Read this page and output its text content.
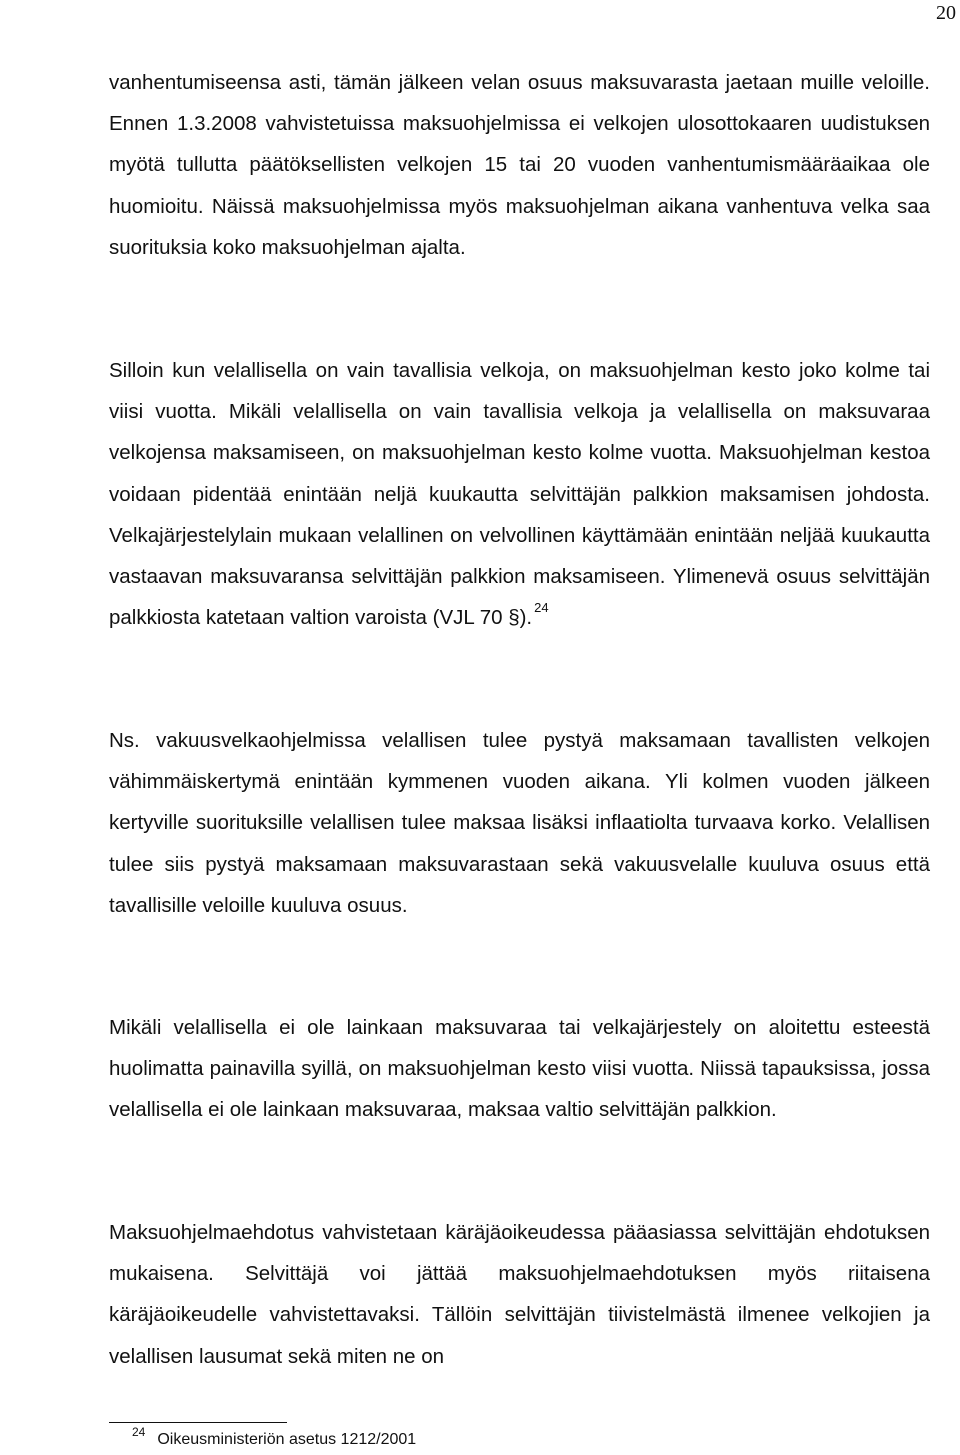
20

vanhentumiseensa asti, tämän jälkeen velan osuus maksuvarasta jaetaan muille veloille. Ennen 1.3.2008 vahvistetuissa maksuohjelmissa ei velkojen ulosottokaaren uudistuksen myötä tullutta päätöksellisten velkojen 15 tai 20 vuoden vanhentumismääräaikaa ole huomioitu. Näissä maksuohjelmissa myös maksuohjelman aikana vanhentuva velka saa suorituksia koko maksuohjelman ajalta.

Silloin kun velallisella on vain tavallisia velkoja, on maksuohjelman kesto joko kolme tai viisi vuotta. Mikäli velallisella on vain tavallisia velkoja ja velallisella on maksuvaraa velkojensa maksamiseen, on maksuohjelman kesto kolme vuotta. Maksuohjelman kestoa voidaan pidentää enintään neljä kuukautta selvittäjän palkkion maksamisen johdosta. Velkajärjestelylain mukaan velallinen on velvollinen käyttämään enintään neljää kuukautta vastaavan maksuvaransa selvittäjän palkkion maksamiseen. Ylimenevä osuus selvittäjän palkkiosta katetaan valtion varoista (VJL 70 §). $^{24}$

Ns. vakuusvelkaohjelmissa velallisen tulee pystyä maksamaan tavallisten velkojen vähimmäiskertymä enintään kymmenen vuoden aikana. Yli kolmen vuoden jälkeen kertyville suorituksille velallisen tulee maksaa lisäksi inflaatiolta turvaava korko. Velallisen tulee siis pystyä maksamaan maksuvarastaan sekä vakuusvelalle kuuluva osuus että tavallisille veloille kuuluva osuus.

Mikäli velallisella ei ole lainkaan maksuvaraa tai velkajärjestely on aloitettu esteestä huolimatta painavilla syillä, on maksuohjelman kesto viisi vuotta. Niissä tapauksissa, jossa velallisella ei ole lainkaan maksuvaraa, maksaa valtio selvittäjän palkkion.

Maksuohjelmaehdotus vahvistetaan käräjäoikeudessa pääasiassa selvittäjän ehdotuksen mukaisena. Selvittäjä voi jättää maksuohjelmaehdotuksen myös riitaisena käräjäoikeudelle vahvistettavaksi. Tällöin selvittäjän tiivistelmästä ilmenee velkojien ja velallisen lausumat sekä miten ne on

$^{24}$ Oikeusministeriön asetus 1212/2001
